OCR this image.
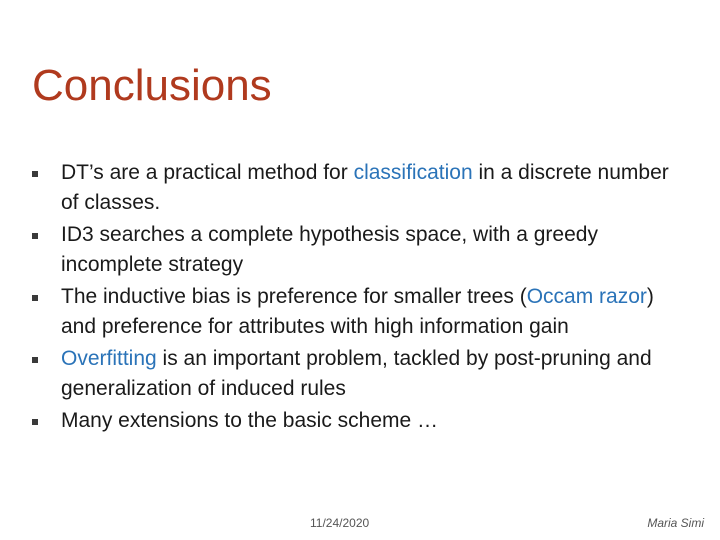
Conclusions
DT’s are a practical method for classification in a discrete number of classes.
ID3 searches a complete hypothesis space, with a greedy incomplete strategy
The inductive bias is preference for smaller trees (Occam razor) and preference for attributes with high information gain
Overfitting is an important problem, tackled by post-pruning and generalization of induced rules
Many extensions to the basic scheme …
11/24/2020	Maria Simi
